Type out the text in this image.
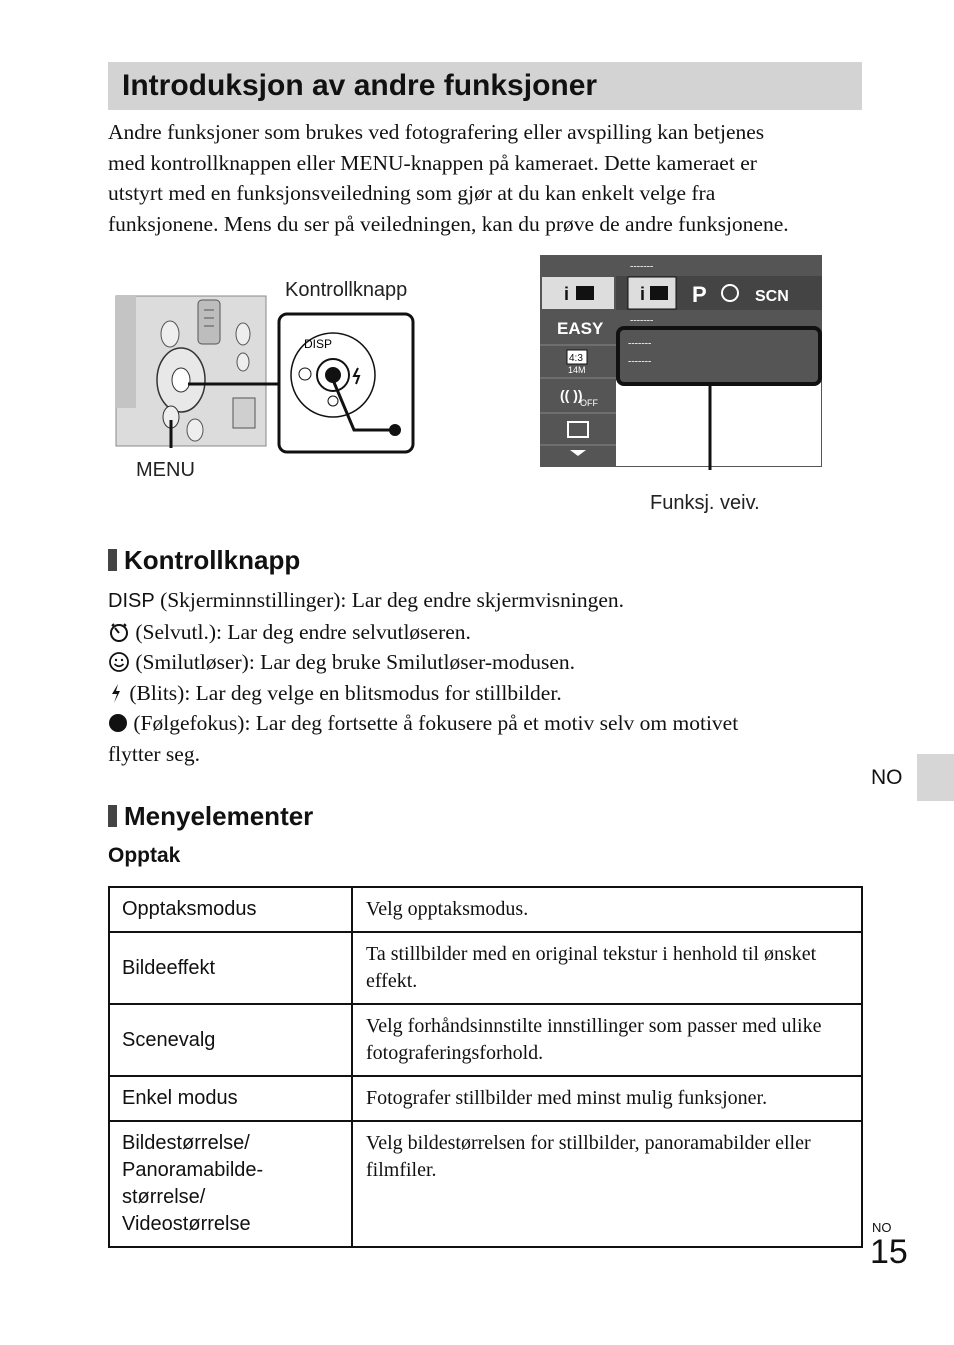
Introduksjon av andre funksjoner
Andre funksjoner som brukes ved fotografering eller avspilling kan betjenes
med kontrollknappen eller MENU-knappen på kameraet. Dette kameraet er
utstyrt med en funksjonsveiledning som gjør at du kan enkelt velge fra
funksjonene. Mens du ser på veiledningen, kan du prøve de andre funksjonene.
DISP
Kontrollknapp
MENU
i	i P	SCN
-------
-------
EASY
4:3
14M
(( ))
OFF
-------
-------
Funksj. veiv.
Kontrollknapp
DISP (Skjerminnstillinger): Lar deg endre skjermvisningen.
(Selvutl.): Lar deg endre selvutløseren.
(Smilutløser): Lar deg bruke Smilutløser-modusen.
(Blits): Lar deg velge en blitsmodus for stillbilder.
(Følgefokus): Lar deg fortsette å fokusere på et motiv selv om motivet
flytter seg.
Menyelementer
Opptak
Opptaksmodus	Velg opptaksmodus.
Bildeeffekt	Ta stillbilder med en original tekstur i henhold til ønsket effekt.
Scenevalg	Velg forhåndsinnstilte innstillinger som passer med ulike fotograferingsforhold.
Enkel modus	Fotografer stillbilder med minst mulig funksjoner.

Bildestørrelse/
Panoramabilde-
størrelse/
Videostørrelse	Velg bildestørrelsen for stillbilder, panoramabilder eller filmfiler.
NO
NO
15
